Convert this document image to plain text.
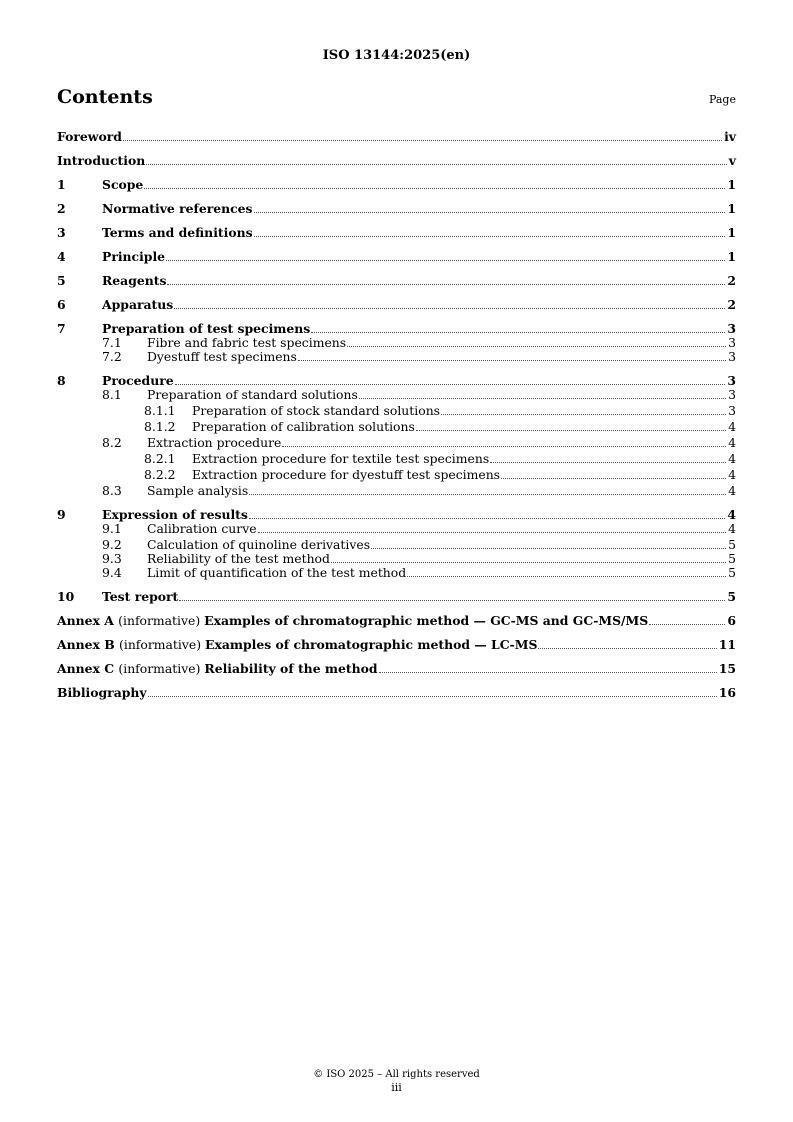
ISO 13144:2025(en)
Contents	Page
Foreword	iv
Introduction	v
1	Scope	1
2	Normative references	1
3	Terms and definitions	1
4	Principle	1
5	Reagents	2
6	Apparatus	2
7	Preparation of test specimens	3
7.1	Fibre and fabric test specimens	3
7.2	Dyestuff test specimens	3
8	Procedure	3
8.1	Preparation of standard solutions	3
8.1.1	Preparation of stock standard solutions	3
8.1.2	Preparation of calibration solutions	4
8.2	Extraction procedure	4
8.2.1	Extraction procedure for textile test specimens	4
8.2.2	Extraction procedure for dyestuff test specimens	4
8.3	Sample analysis	4
9	Expression of results	4
9.1	Calibration curve	4
9.2	Calculation of quinoline derivatives	5
9.3	Reliability of the test method	5
9.4	Limit of quantification of the test method	5
10	Test report	5
Annex A (informative) Examples of chromatographic method — GC-MS and GC-MS/MS	6
Annex B (informative) Examples of chromatographic method — LC-MS	11
Annex C (informative) Reliability of the method	15
Bibliography	16
© ISO 2025 – All rights reserved
iii
